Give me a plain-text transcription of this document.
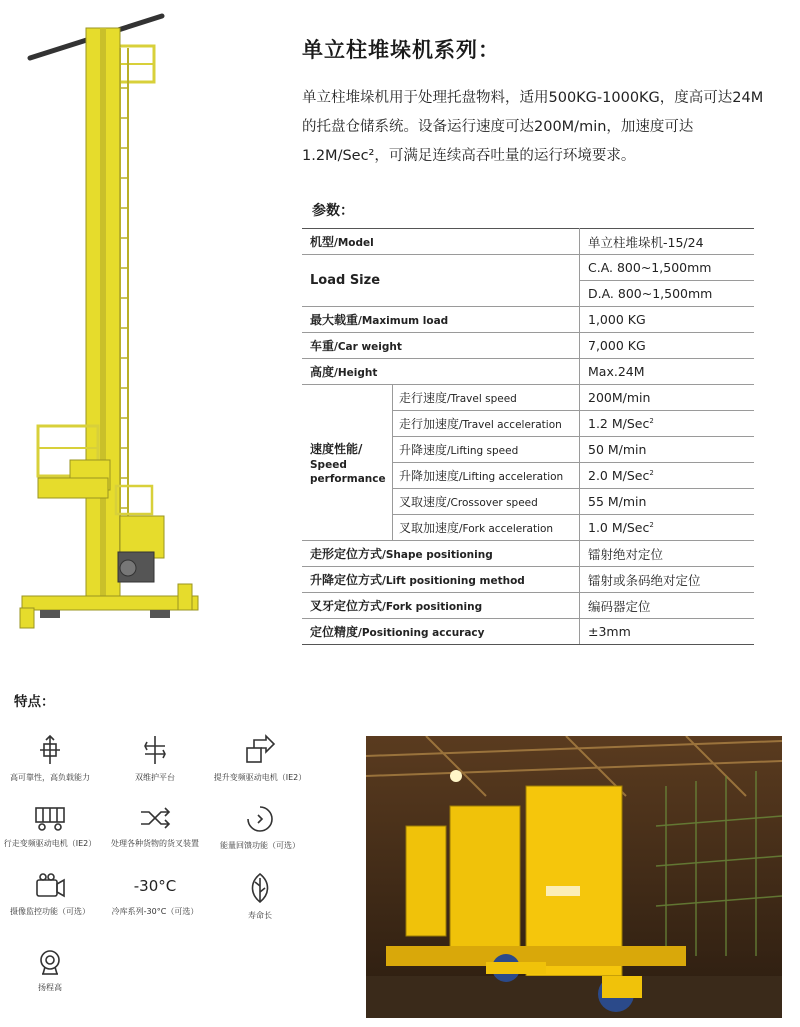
单立柱堆垛机系列：
单立柱堆垛机用于处理托盘物料，适用500KG-1000KG，度高可达24M的托盘仓储系统。设备运行速度可达200M/min，加速度可达1.2M/Sec²，可满足连续高吞吐量的运行环境要求。
参数：
机型/Model		单立柱堆垛机-15/24
Load Size		C.A. 800~1,500mm
		D.A. 800~1,500mm
最大载重/Maximum load		1,000 KG
车重/Car weight		7,000 KG
高度/Height		Max.24M
速度性能/
Speed performance	走行速度/Travel speed	200M/min
	走行加速度/Travel acceleration	1.2 M/Sec$^2$
	升降速度/Lifting speed	50 M/min
	升降加速度/Lifting acceleration	2.0 M/Sec$^2$
	叉取速度/Crossover speed	55 M/min
	叉取加速度/Fork acceleration	1.0 M/Sec$^2$
走形定位方式/Shape positioning		镭射绝对定位
升降定位方式/Lift positioning method		镭射或条码绝对定位
叉牙定位方式/Fork positioning		编码器定位
定位精度/Positioning accuracy		±3mm
特点：
高可靠性，高负载能力	双维护平台	提升变频驱动电机（IE2）
行走变频驱动电机（IE2）	处理各种货物的货叉装置	能量回馈功能（可选）
摄像监控功能（可选）
-30°C
冷库系列-30°C（可选）	寿命长
扬程高
